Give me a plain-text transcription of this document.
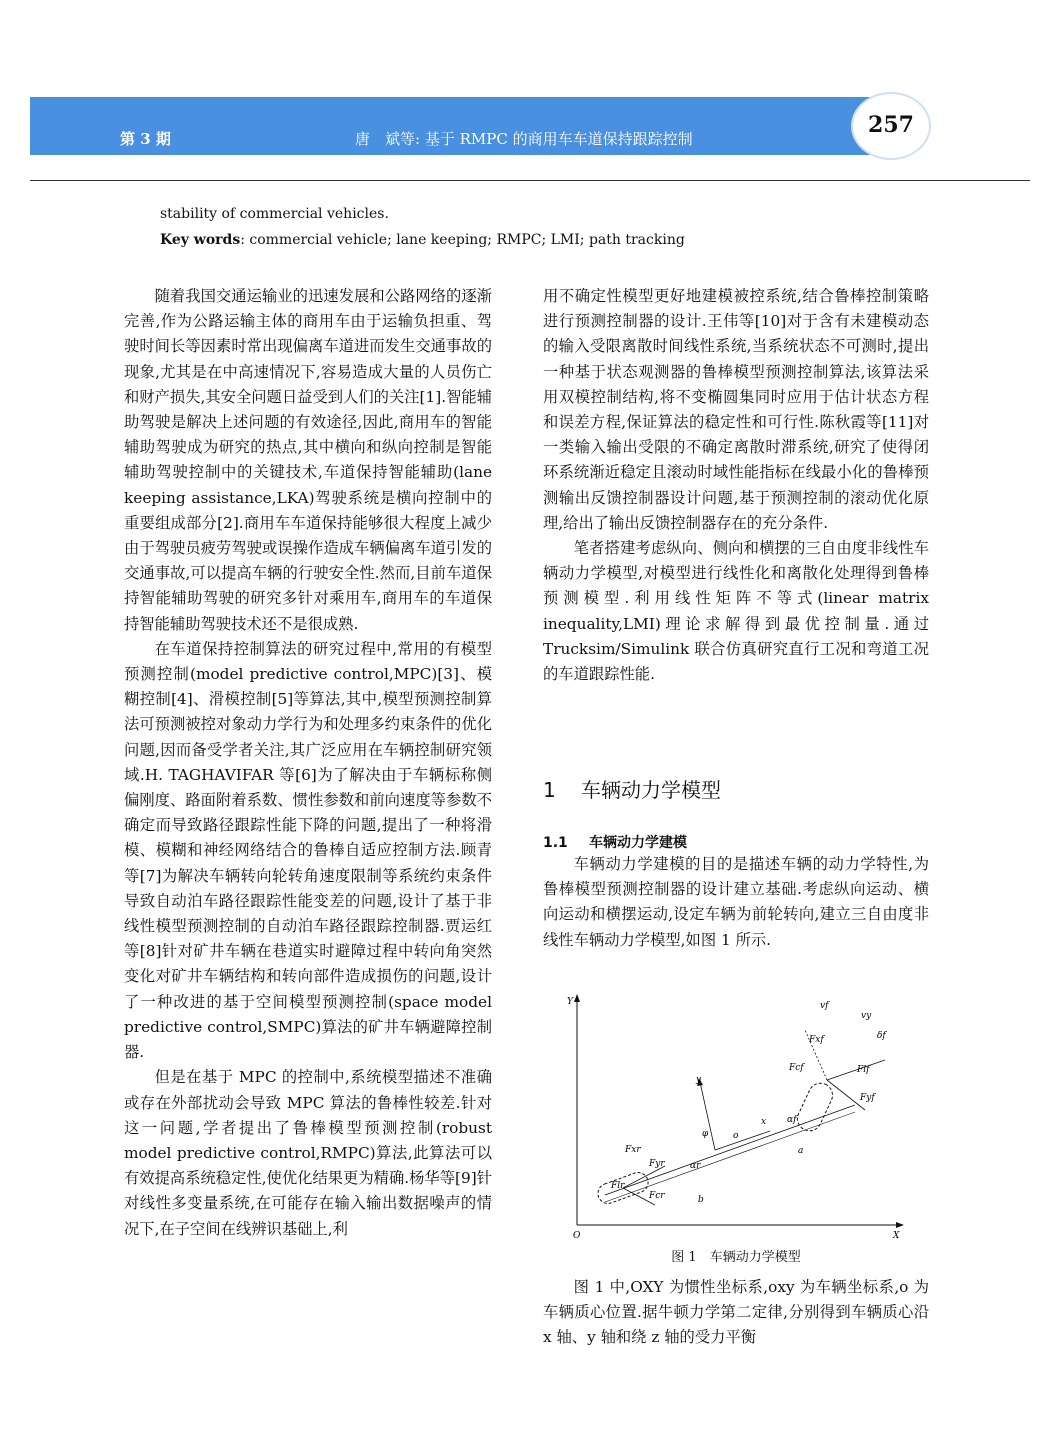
第 3 期	唐　斌等: 基于 RMPC 的商用车车道保持跟踪控制
257
stability of commercial vehicles.
Key words: commercial vehicle; lane keeping; RMPC; LMI; path tracking

随着我国交通运输业的迅速发展和公路网络的逐渐完善,作为公路运输主体的商用车由于运输负担重、驾驶时间长等因素时常出现偏离车道进而发生交通事故的现象,尤其是在中高速情况下,容易造成大量的人员伤亡和财产损失,其安全问题日益受到人们的关注[1].智能辅助驾驶是解决上述问题的有效途径,因此,商用车的智能辅助驾驶成为研究的热点,其中横向和纵向控制是智能辅助驾驶控制中的关键技术,车道保持智能辅助(lane keeping assistance,LKA)驾驶系统是横向控制中的重要组成部分[2].商用车车道保持能够很大程度上减少由于驾驶员疲劳驾驶或误操作造成车辆偏离车道引发的交通事故,可以提高车辆的行驶安全性.然而,目前车道保持智能辅助驾驶的研究多针对乘用车,商用车的车道保持智能辅助驾驶技术还不是很成熟.

在车道保持控制算法的研究过程中,常用的有模型预测控制(model predictive control,MPC)[3]、模糊控制[4]、滑模控制[5]等算法,其中,模型预测控制算法可预测被控对象动力学行为和处理多约束条件的优化问题,因而备受学者关注,其广泛应用在车辆控制研究领域.H. TAGHAVIFAR 等[6]为了解决由于车辆标称侧偏刚度、路面附着系数、惯性参数和前向速度等参数不确定而导致路径跟踪性能下降的问题,提出了一种将滑模、模糊和神经网络结合的鲁棒自适应控制方法.顾青等[7]为解决车辆转向轮转角速度限制等系统约束条件导致自动泊车路径跟踪性能变差的问题,设计了基于非线性模型预测控制的自动泊车路径跟踪控制器.贾运红等[8]针对矿井车辆在巷道实时避障过程中转向角突然变化对矿井车辆结构和转向部件造成损伤的问题,设计了一种改进的基于空间模型预测控制(space model predictive control,SMPC)算法的矿井车辆避障控制器.

但是在基于 MPC 的控制中,系统模型描述不准确或存在外部扰动会导致 MPC 算法的鲁棒性较差.针对这一问题,学者提出了鲁棒模型预测控制(robust model predictive control,RMPC)算法,此算法可以有效提高系统稳定性,使优化结果更为精确.杨华等[9]针对线性多变量系统,在可能存在输入输出数据噪声的情况下,在子空间在线辨识基础上,利

用不确定性模型更好地建模被控系统,结合鲁棒控制策略进行预测控制器的设计.王伟等[10]对于含有未建模动态的输入受限离散时间线性系统,当系统状态不可测时,提出一种基于状态观测器的鲁棒模型预测控制算法,该算法采用双模控制结构,将不变椭圆集同时应用于估计状态方程和误差方程,保证算法的稳定性和可行性.陈秋霞等[11]对一类输入输出受限的不确定离散时滞系统,研究了使得闭环系统渐近稳定且滚动时域性能指标在线最小化的鲁棒预测输出反馈控制器设计问题,基于预测控制的滚动优化原理,给出了输出反馈控制器存在的充分条件.

笔者搭建考虑纵向、侧向和横摆的三自由度非线性车辆动力学模型,对模型进行线性化和离散化处理得到鲁棒预测模型.利用线性矩阵不等式(linear matrix inequality,LMI)理论求解得到最优控制量.通过 Trucksim/Simulink 联合仿真研究直行工况和弯道工况的车道跟踪性能.

1 车辆动力学模型
1.1 车辆动力学建模

车辆动力学建模的目的是描述车辆的动力学特性,为鲁棒模型预测控制器的设计建立基础.考虑纵向运动、横向运动和横摆运动,设定车辆为前轮转向,建立三自由度非线性车辆动力学模型,如图 1 所示.

Y
X
O
y
x
o
φ
a
b
vf
vy
δf
Fxf
Fcf	Flf
Fyf
αf
Fxr
Fyr	αr
Flr
Fcr
图 1　车辆动力学模型

图 1 中,OXY 为惯性坐标系,oxy 为车辆坐标系,o 为车辆质心位置.据牛顿力学第二定律,分别得到车辆质心沿 x 轴、y 轴和绕 z 轴的受力平衡
